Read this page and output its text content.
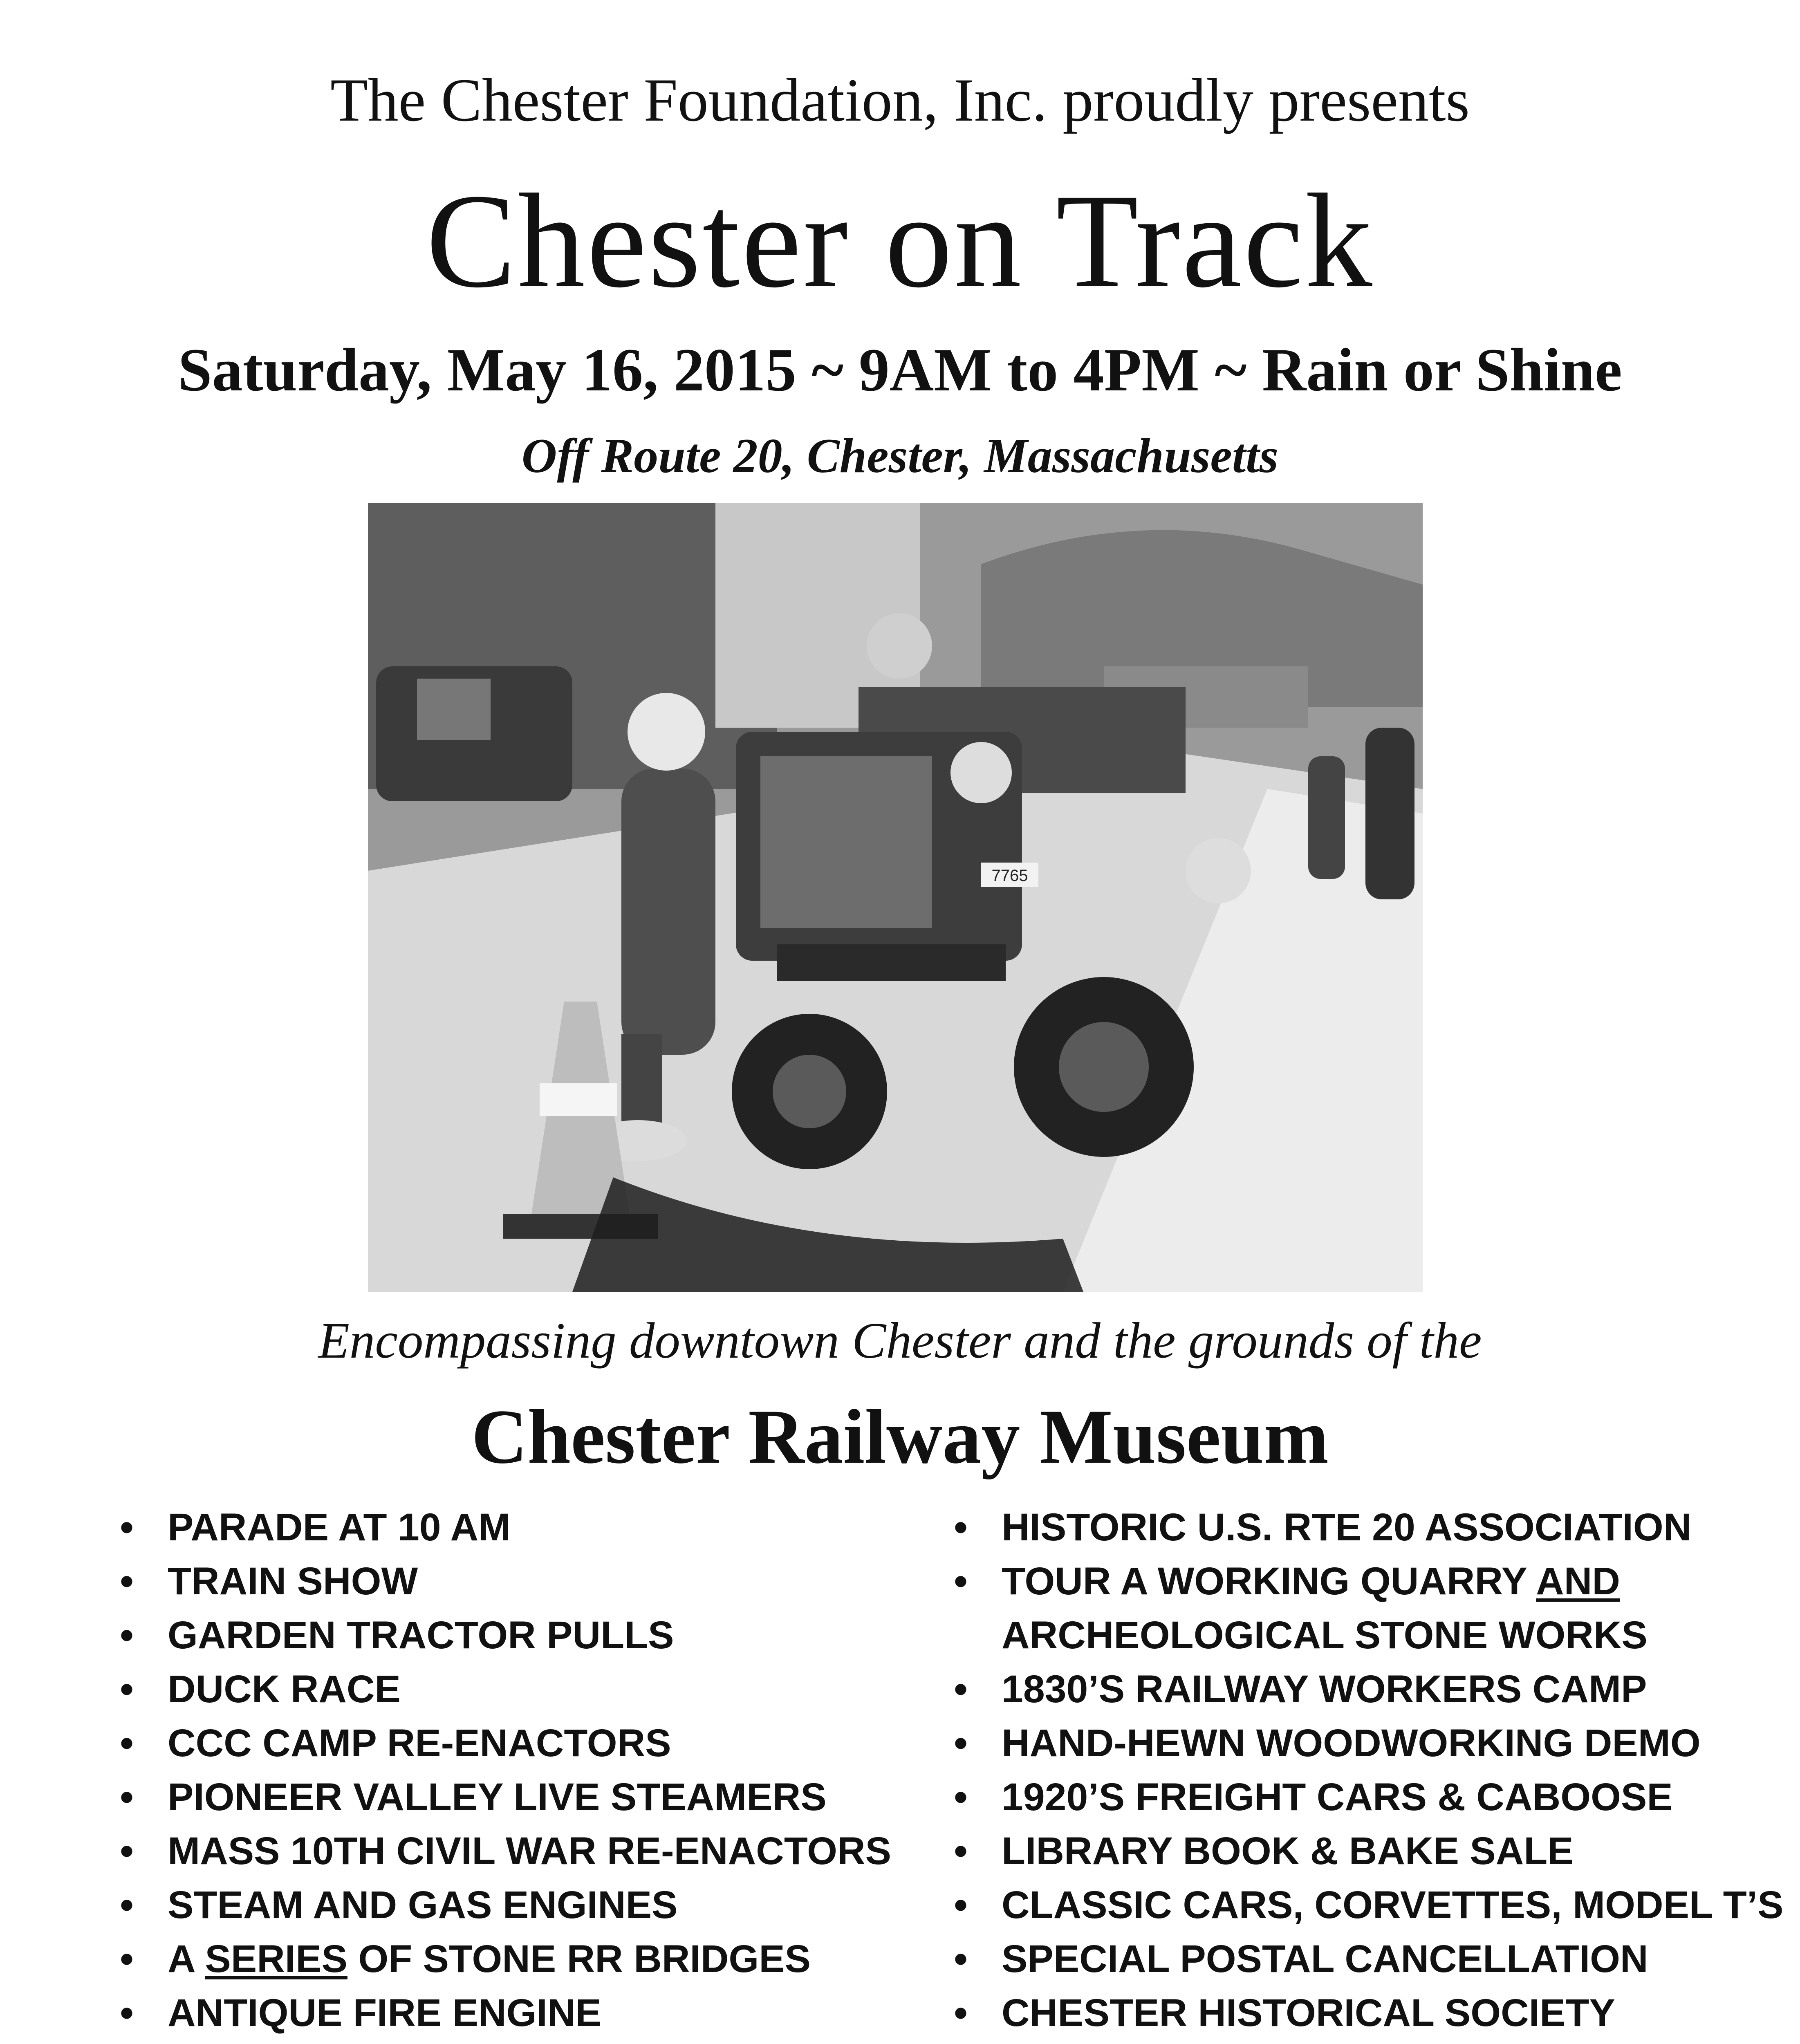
The Chester Foundation, Inc. proudly presents
Chester on Track
Saturday, May 16, 2015 ~ 9AM to 4PM ~ Rain or Shine
Off Route 20, Chester, Massachusetts
7765
Encompassing downtown Chester and the grounds of the
Chester Railway Museum
• PARADE AT 10 AM
• TRAIN SHOW
• GARDEN TRACTOR PULLS
• DUCK RACE
• CCC CAMP RE-ENACTORS
• PIONEER VALLEY LIVE STEAMERS
• MASS 10TH CIVIL WAR RE-ENACTORS
• STEAM AND GAS ENGINES
• A SERIES OF STONE RR BRIDGES
• ANTIQUE FIRE ENGINE
• HISTORIC U.S. RTE 20 ASSOCIATION
• TOUR A WORKING QUARRY AND
ARCHEOLOGICAL STONE WORKS
• 1830’S RAILWAY WORKERS CAMP
• HAND-HEWN WOODWORKING DEMO
• 1920’S FREIGHT CARS & CABOOSE
• LIBRARY BOOK & BAKE SALE
• CLASSIC CARS, CORVETTES, MODEL T’S
• SPECIAL POSTAL CANCELLATION
• CHESTER HISTORICAL SOCIETY
